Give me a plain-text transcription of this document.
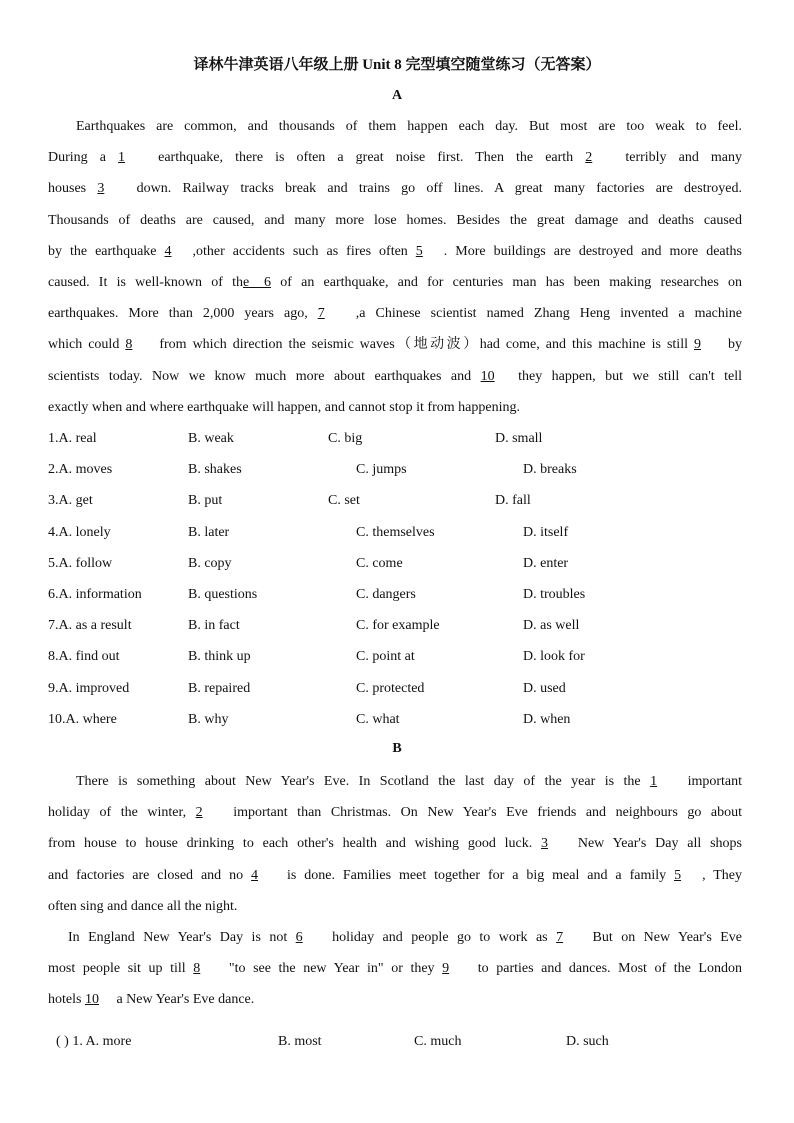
译林牛津英语八年级上册 Unit 8 完型填空随堂练习（无答案）
A
Earthquakes are common, and thousands of them happen each day. But most are too weak to feel.
During a 1 earthquake, there is often a great noise first. Then the earth 2 terribly and many
houses 3 down. Railway tracks break and trains go off lines. A great many factories are destroyed.
Thousands of deaths are caused, and many more lose homes. Besides the great damage and deaths caused
by the earthquake 4 ,other accidents such as fires often 5 . More buildings are destroyed and more deaths
caused. It is well-known of the 6 of an earthquake, and for centuries man has been making researches on
earthquakes. More than 2,000 years ago, 7 ,a Chinese scientist named Zhang Heng invented a machine
which could 8 from which direction the seismic waves（地动波）had come, and this machine is still 9 by
scientists today. Now we know much more about earthquakes and 10 they happen, but we still can't tell
exactly when and where earthquake will happen, and cannot stop it from happening.
1.A. real	B. weak	C. big	D. small
2.A. moves	B. shakes	C. jumps	D. breaks
3.A. get	B. put	C. set	D. fall
4.A. lonely	B. later	C. themselves	D. itself
5.A. follow	B. copy	C. come	D. enter
6.A. information	B. questions	C. dangers	D. troubles
7.A. as a result	B. in fact	C. for example	D. as well
8.A. find out	B. think up	C. point at	D. look for
9.A. improved	B. repaired	C. protected	D. used
10.A. where	B. why	C. what	D. when
B
There is something about New Year's Eve. In Scotland the last day of the year is the 1 important
holiday of the winter, 2 important than Christmas. On New Year's Eve friends and neighbours go about
from house to house drinking to each other's health and wishing good luck. 3 New Year's Day all shops
and factories are closed and no 4 is done. Families meet together for a big meal and a family 5 , They
often sing and dance all the night.
In England New Year's Day is not 6 holiday and people go to work as 7 But on New Year's Eve
most people sit up till 8 "to see the new Year in" or they 9 to parties and dances. Most of the London
hotels 10 a New Year's Eve dance.
( ) 1. A. more	B. most	C. much	D. such
